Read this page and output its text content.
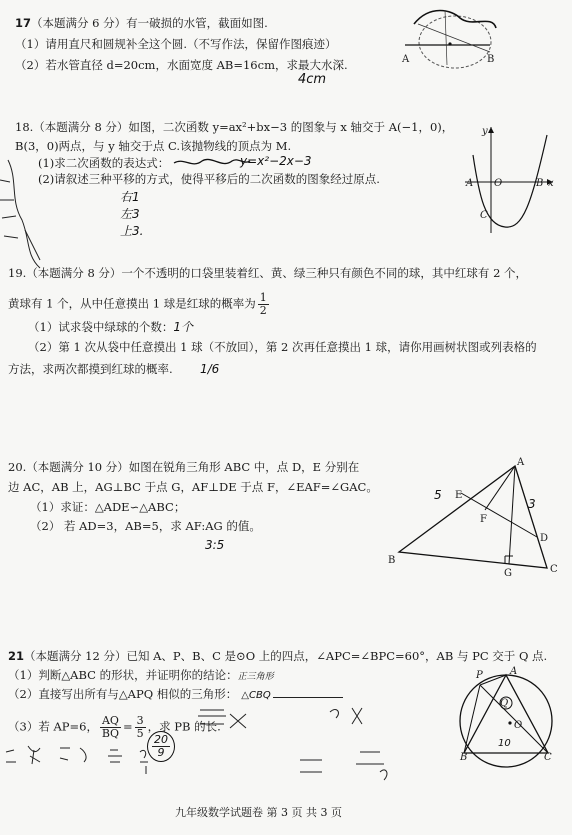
17（本题满分 6 分）有一破损的水管，截面如图.
（1）请用直尺和圆规补全这个圆.（不写作法，保留作图痕迹）
（2）若水管直径 d=20cm，水面宽度 AB=16cm，求最大水深.
4cm
A	B
18.（本题满分 8 分）如图，二次函数 y=ax²+bx−3 的图象与 x 轴交于 A(−1，0)，
B(3，0)两点，与 y 轴交于点 C.该抛物线的顶点为 M.
(1)求二次函数的表达式：	y=x²−2x−3
(2)请叙述三种平移的方式，使得平移后的二次函数的图象经过原点.
右1
左3
上3.
y
x
A O	B
C
19.（本题满分 8 分）一个不透明的口袋里装着红、黄、绿三种只有颜色不同的球，其中红球有 2 个，
黄球有 1 个，从中任意摸出 1 球是红球的概率为 $\frac{1}{2}$
（1）试求袋中绿球的个数：1个
（2）第 1 次从袋中任意摸出 1 球（不放回），第 2 次再任意摸出 1 球，请你用画树状图或列表格的
方法，求两次都摸到红球的概率. 1/6
20.（本题满分 10 分）如图在锐角三角形 ABC 中，点 D，E 分别在
边 AC，AB 上，AG⊥BC 于点 G，AF⊥DE 于点 F，∠EAF=∠GAC。
（1）求证：△ADE∽△ABC；
（2） 若 AD=3，AB=5，求 AF:AG 的值。
3:5
A
E
F
D
B
G	C
5
3
21（本题满分 12 分）已知 A、P、B、C 是⊙O 上的四点，∠APC=∠BPC=60°，AB 与 PC 交于 Q 点.
（1）判断△ABC 的形状，并证明你的结论：正三角形
（2）直接写出所有与△APQ 相似的三角形： △CBQ
（3）若 AP=6， $\frac{AQ}{BQ} = \frac{3}{5}$ ，求 PB 的长.
$\frac{20}{9}$
P	A
Q
O
B	C
10
九年级数学试题卷 第 3 页 共 3 页
